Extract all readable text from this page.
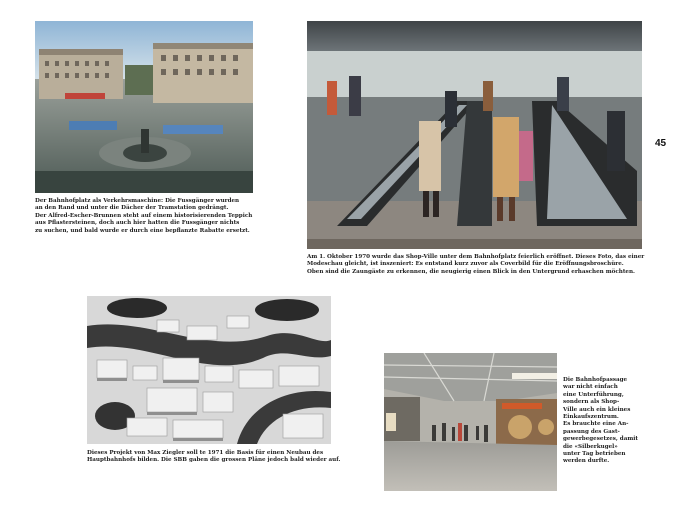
Der Bahnhofplatz als Verkehrsmaschine: Die Fussgänger wurden
an den Rand und unter die Dächer der Tramstation gedrängt.
Der Alfred-Escher-Brunnen steht auf einem historisierenden Teppich
aus Pflastersteinen, doch auch hier hatten die Fussgänger nichts
zu suchen, und bald wurde er durch eine bepflanzte Rabatte ersetzt.

Am 1. Oktober 1970 wurde das Shop-Ville unter dem Bahnhofplatz feierlich eröffnet. Dieses Foto, das einer
Modeschau gleicht, ist inszeniert: Es entstand kurz zuvor als Coverbild für die Eröffnungsbroschüre.
Oben sind die Zaungäste zu erkennen, die neugierig einen Blick in den Untergrund erhaschen möchten.

45

Dieses Projekt von Max Ziegler soll te 1971 die Basis für einen Neubau des
Hauptbahnhofs bilden. Die SBB gaben die grossen Pläne jedoch bald wieder auf.

Die Bahnhofpassage
war nicht einfach
eine Unterführung,
sondern als Shop-
Ville auch ein kleines
Einkaufszentrum.
Es brauchte eine An-
passung des Gast-
gewerbegesetzes, damit
die «Silberkugel»
unter Tag betrieben
werden durfte.
